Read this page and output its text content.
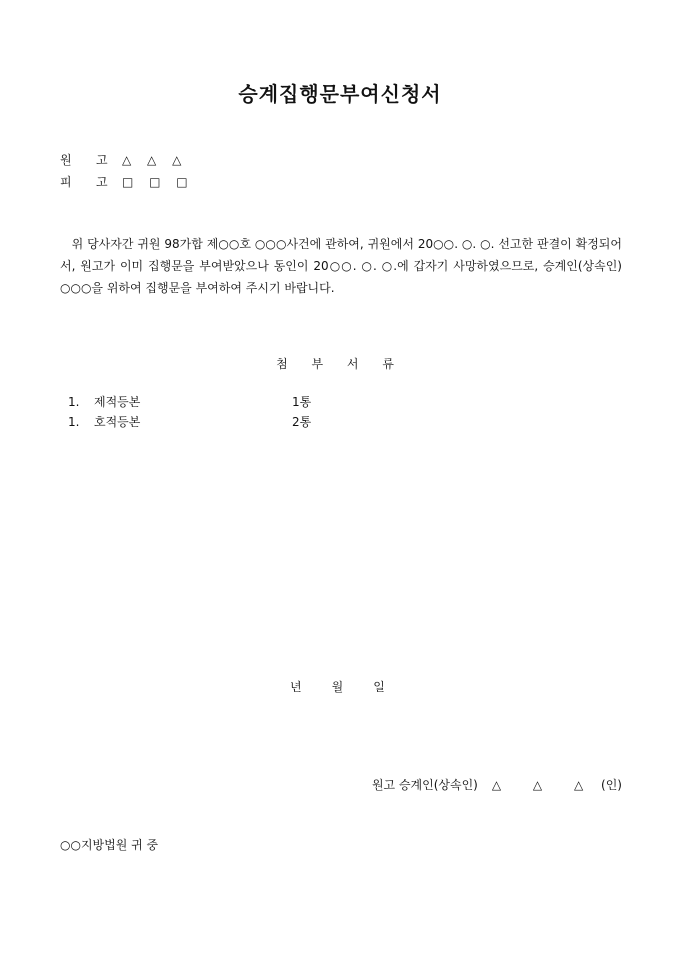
승계집행문부여신청서
원 고 △ △ △
피 고 □ □ □
위 당사자간 귀원 98가합 제○○호 ○○○사건에 관하여, 귀원에서 20○○. ○. ○. 선고한 판결이 확정되어서, 원고가 이미 집행문을 부여받았으나 동인이 20○○. ○. ○.에 갑자기 사망하였으므로, 승계인(상속인) ○○○을 위하여 집행문을 부여하여 주시기 바랍니다.
첨 부 서 류
1. 제적등본	1통
1. 호적등본	2통
년	월	일
원고 승계인(상속인) △ △ △ (인)
○○지방법원 귀 중
